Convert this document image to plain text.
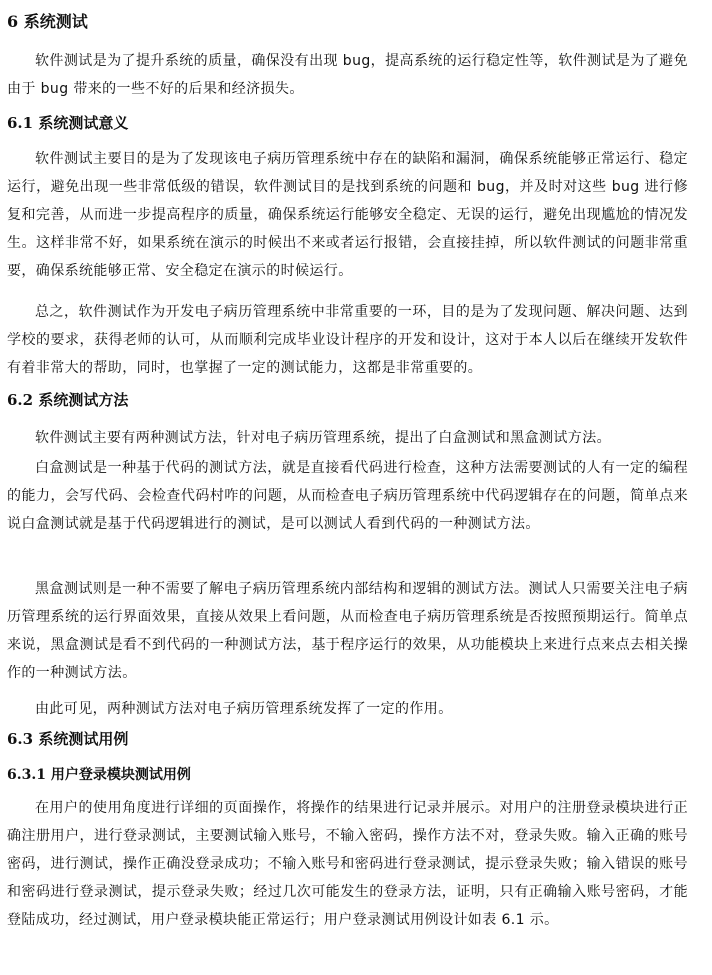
6 系统测试

软件测试是为了提升系统的质量，确保没有出现 bug，提高系统的运行稳定性等，软件测试是为了避免由于 bug 带来的一些不好的后果和经济损失。

6.1 系统测试意义

软件测试主要目的是为了发现该电子病历管理系统中存在的缺陷和漏洞，确保系统能够正常运行、稳定运行，避免出现一些非常低级的错误，软件测试目的是找到系统的问题和 bug，并及时对这些 bug 进行修复和完善，从而进一步提高程序的质量，确保系统运行能够安全稳定、无误的运行，避免出现尴尬的情况发生。这样非常不好，如果系统在演示的时候出不来或者运行报错，会直接挂掉，所以软件测试的问题非常重要，确保系统能够正常、安全稳定在演示的时候运行。

总之，软件测试作为开发电子病历管理系统中非常重要的一环，目的是为了发现问题、解决问题、达到学校的要求，获得老师的认可，从而顺利完成毕业设计程序的开发和设计，这对于本人以后在继续开发软件有着非常大的帮助，同时，也掌握了一定的测试能力，这都是非常重要的。

6.2 系统测试方法

软件测试主要有两种测试方法，针对电子病历管理系统，提出了白盒测试和黑盒测试方法。

白盒测试是一种基于代码的测试方法，就是直接看代码进行检查，这种方法需要测试的人有一定的编程的能力，会写代码、会检查代码村咋的问题，从而检查电子病历管理系统中代码逻辑存在的问题，简单点来说白盒测试就是基于代码逻辑进行的测试，是可以测试人看到代码的一种测试方法。

黑盒测试则是一种不需要了解电子病历管理系统内部结构和逻辑的测试方法。测试人只需要关注电子病历管理系统的运行界面效果，直接从效果上看问题，从而检查电子病历管理系统是否按照预期运行。简单点来说，黑盒测试是看不到代码的一种测试方法，基于程序运行的效果，从功能模块上来进行点来点去相关操作的一种测试方法。

由此可见，两种测试方法对电子病历管理系统发挥了一定的作用。

6.3 系统测试用例
6.3.1 用户登录模块测试用例

在用户的使用角度进行详细的页面操作，将操作的结果进行记录并展示。对用户的注册登录模块进行正确注册用户，进行登录测试，主要测试输入账号，不输入密码，操作方法不对，登录失败。输入正确的账号密码，进行测试，操作正确没登录成功；不输入账号和密码进行登录测试，提示登录失败；输入错误的账号和密码进行登录测试，提示登录失败；经过几次可能发生的登录方法，证明，只有正确输入账号密码，才能登陆成功，经过测试，用户登录模块能正常运行；用户登录测试用例设计如表 6.1 示。
